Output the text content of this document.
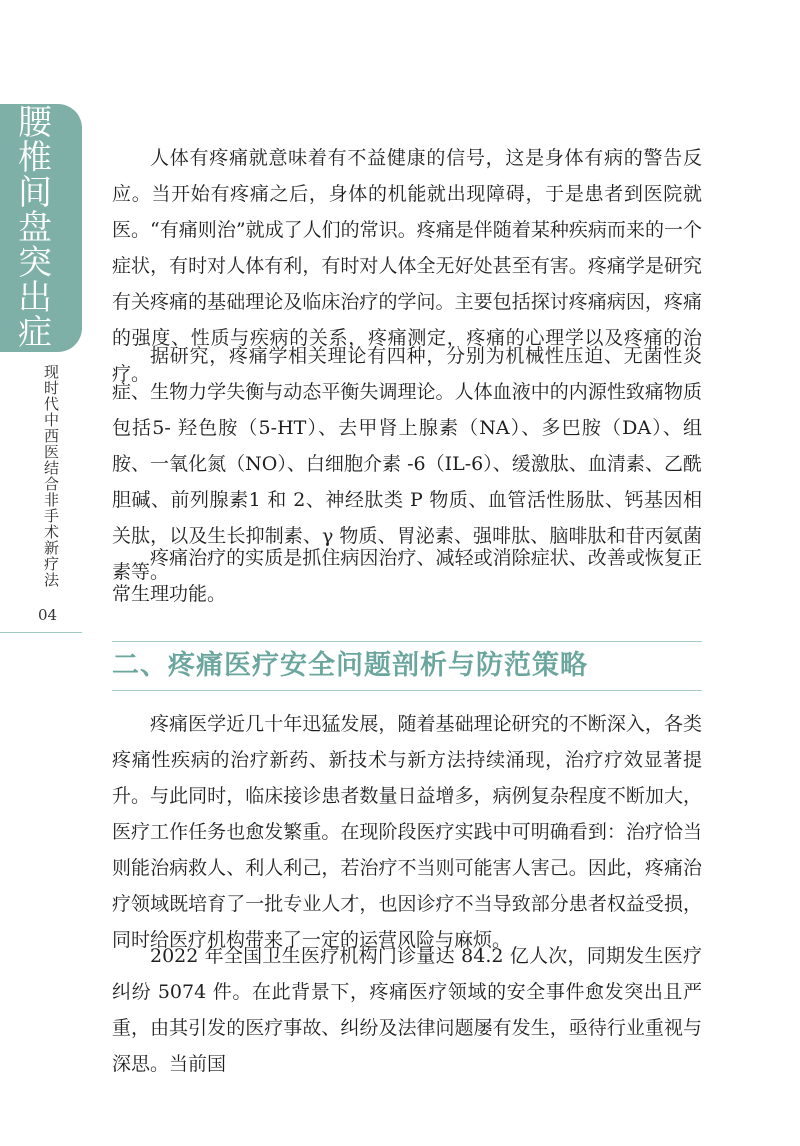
腰
椎
间
盘
突
出
症
现时代中西医结合非手术新疗法
04

人体有疼痛就意味着有不益健康的信号，这是身体有病的警告反应。当开始有疼痛之后，身体的机能就出现障碍，于是患者到医院就医。“有痛则治”就成了人们的常识。疼痛是伴随着某种疾病而来的一个症状，有时对人体有利，有时对人体全无好处甚至有害。疼痛学是研究有关疼痛的基础理论及临床治疗的学问。主要包括探讨疼痛病因，疼痛的强度、性质与疾病的关系，疼痛测定，疼痛的心理学以及疼痛的治疗。

据研究，疼痛学相关理论有四种，分别为机械性压迫、无菌性炎症、生物力学失衡与动态平衡失调理论。人体血液中的内源性致痛物质包括5- 羟色胺（5-HT）、去甲肾上腺素（NA）、多巴胺（DA）、组胺、一氧化氮（NO）、白细胞介素 -6（IL-6）、缓激肽、血清素、乙酰胆碱、前列腺素1 和 2、神经肽类 P 物质、血管活性肠肽、钙基因相关肽，以及生长抑制素、γ 物质、胃泌素、强啡肽、脑啡肽和苷丙氨菌素等。

疼痛治疗的实质是抓住病因治疗、减轻或消除症状、改善或恢复正常生理功能。

二、疼痛医疗安全问题剖析与防范策略

疼痛医学近几十年迅猛发展，随着基础理论研究的不断深入，各类疼痛性疾病的治疗新药、新技术与新方法持续涌现，治疗疗效显著提升。与此同时，临床接诊患者数量日益增多，病例复杂程度不断加大，医疗工作任务也愈发繁重。在现阶段医疗实践中可明确看到：治疗恰当则能治病救人、利人利己，若治疗不当则可能害人害己。因此，疼痛治疗领域既培育了一批专业人才，也因诊疗不当导致部分患者权益受损，同时给医疗机构带来了一定的运营风险与麻烦。

2022 年全国卫生医疗机构门诊量达 84.2 亿人次，同期发生医疗纠纷 5074 件。在此背景下，疼痛医疗领域的安全事件愈发突出且严重，由其引发的医疗事故、纠纷及法律问题屡有发生，亟待行业重视与深思。当前国
